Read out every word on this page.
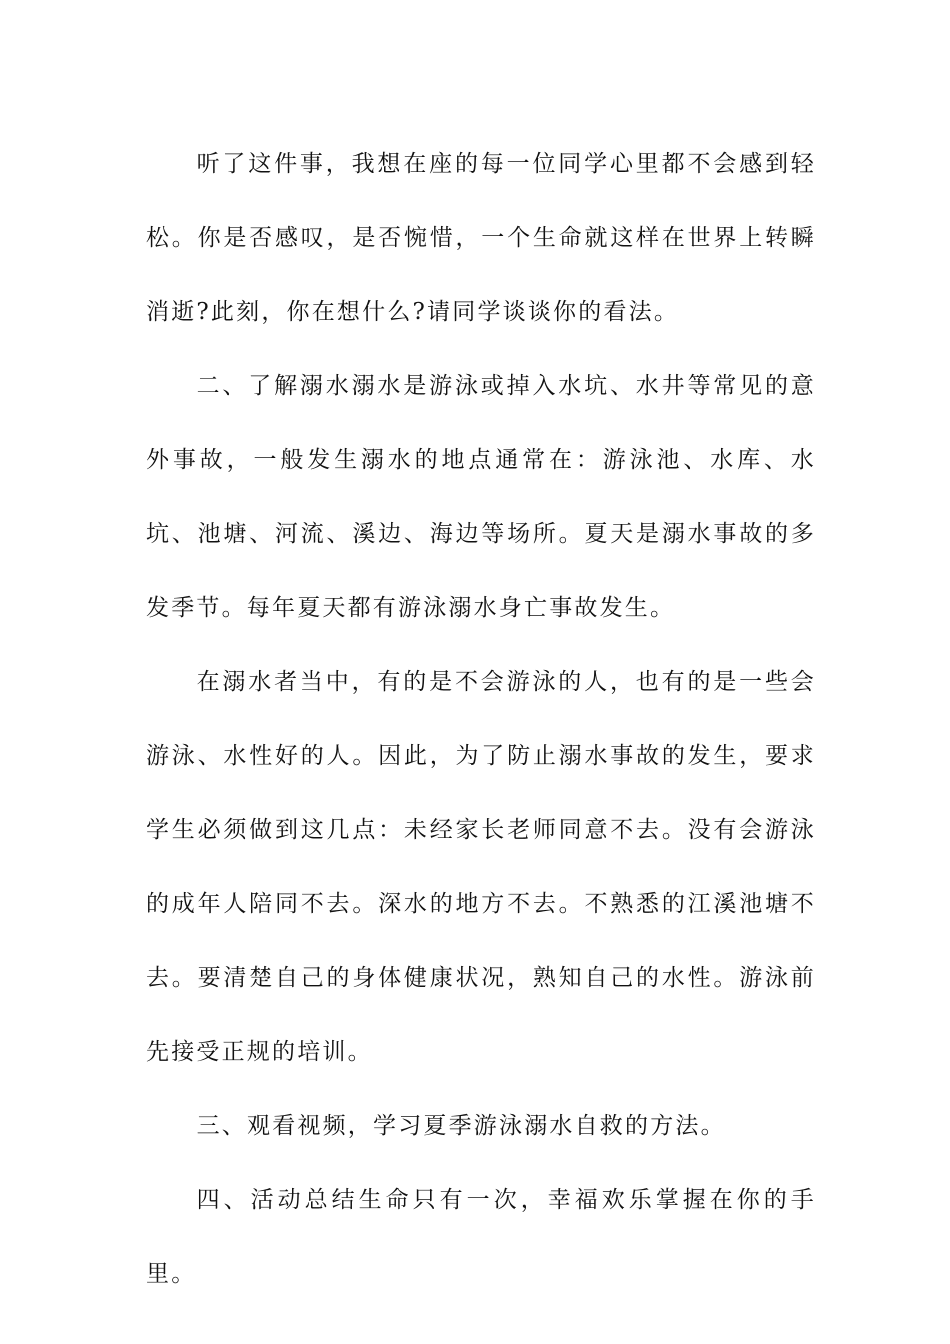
听了这件事，我想在座的每一位同学心里都不会感到轻松。你是否感叹，是否惋惜，一个生命就这样在世界上转瞬消逝?此刻，你在想什么?请同学谈谈你的看法。

二、了解溺水溺水是游泳或掉入水坑、水井等常见的意外事故，一般发生溺水的地点通常在：游泳池、水库、水坑、池塘、河流、溪边、海边等场所。夏天是溺水事故的多发季节。每年夏天都有游泳溺水身亡事故发生。

在溺水者当中，有的是不会游泳的人，也有的是一些会游泳、水性好的人。因此，为了防止溺水事故的发生，要求学生必须做到这几点：未经家长老师同意不去。没有会游泳的成年人陪同不去。深水的地方不去。不熟悉的江溪池塘不去。要清楚自己的身体健康状况，熟知自己的水性。游泳前先接受正规的培训。

三、观看视频，学习夏季游泳溺水自救的方法。

四、活动总结生命只有一次，幸福欢乐掌握在你的手里。
